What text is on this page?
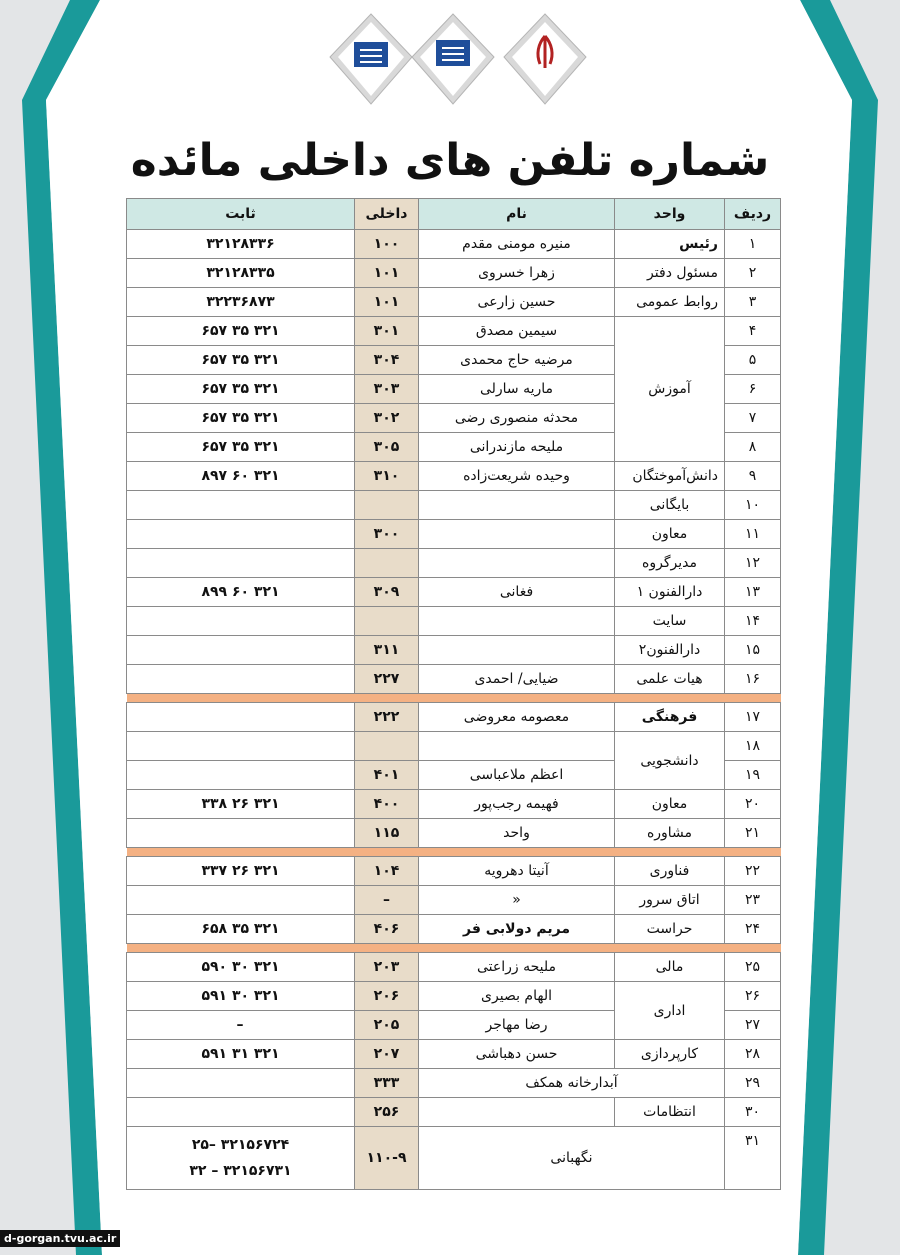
شماره تلفن های داخلی مائده
ردیف	واحد	نام	داخلی	ثابت
۱	رئیس	منیره مومنی مقدم	۱۰۰	۳۲۱۲۸۳۳۶
۲	مسئول دفتر	زهرا خسروی	۱۰۱	۳۲۱۲۸۳۳۵
۳	روابط عمومی	حسین زارعی	۱۰۱	۳۲۲۳۶۸۷۳
۴	آموزش	سیمین مصدق	۳۰۱	۳۲۱ ۳۵ ۶۵۷
۵		مرضیه حاج محمدی	۳۰۴	۳۲۱ ۳۵ ۶۵۷
۶		ماریه سارلی	۳۰۳	۳۲۱ ۳۵ ۶۵۷
۷		محدثه منصوری رضی	۳۰۲	۳۲۱ ۳۵ ۶۵۷
۸		ملیحه مازندرانی	۳۰۵	۳۲۱ ۳۵ ۶۵۷
۹	دانش‌آموختگان	وحیده شریعت‌زاده	۳۱۰	۳۲۱ ۶۰ ۸۹۷
۱۰	بایگانی			
۱۱	معاون		۳۰۰	
۱۲	مدیرگروه			
۱۳	دارالفنون ۱	فغانی	۳۰۹	۳۲۱ ۶۰ ۸۹۹
۱۴	سایت			
۱۵	دارالفنون۲		۳۱۱	
۱۶	هیات علمی	ضیایی/ احمدی	۲۲۷	

۱۷	فرهنگی	معصومه معروضی	۲۲۲	
۱۸	دانشجویی			
۱۹		اعظم ملاعباسی	۴۰۱	
۲۰	معاون	فهیمه رجب‌پور	۴۰۰	۳۲۱ ۲۶ ۳۳۸
۲۱	مشاوره	واحد	۱۱۵	

۲۲	فناوری	آنیتا دهرویه	۱۰۴	۳۲۱ ۲۶ ۳۳۷
۲۳	اتاق سرور	«	–	
۲۴	حراست	مریم دولابی فر	۴۰۶	۳۲۱ ۳۵ ۶۵۸

۲۵	مالی	ملیحه زراعتی	۲۰۳	۳۲۱ ۳۰ ۵۹۰
۲۶	اداری	الهام بصیری	۲۰۶	۳۲۱ ۳۰ ۵۹۱
۲۷		رضا مهاجر	۲۰۵	–
۲۸	کارپردازی	حسن دهباشی	۲۰۷	۳۲۱ ۳۱ ۵۹۱
۲۹	آبدارخانه همکف		۳۳۳	
۳۰	انتظامات		۲۵۶	
۳۱	نگهبانی		۱۱۰-۹	۳۲۱۵۶۷۲۴ –۲۵
۳۲۱۵۶۷۳۱ – ۳۲
d-gorgan.tvu.ac.ir
